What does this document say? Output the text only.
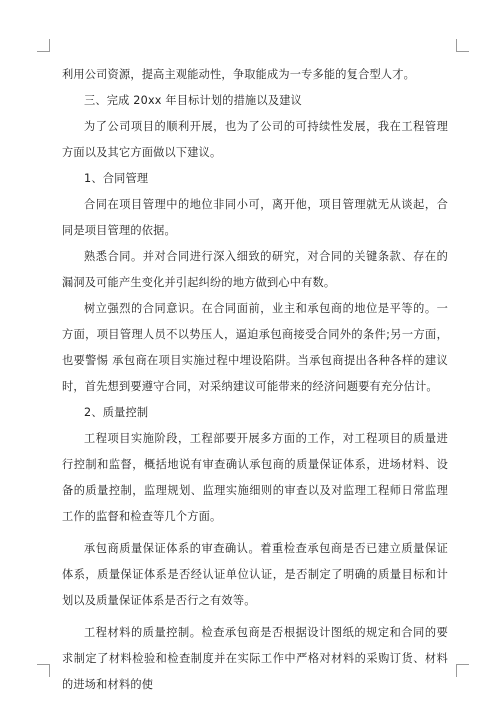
利用公司资源，提高主观能动性，争取能成为一专多能的复合型人才。

三、完成 20xx 年目标计划的措施以及建议

为了公司项目的顺利开展，也为了公司的可持续性发展，我在工程管理方面以及其它方面做以下建议。

1、合同管理

合同在项目管理中的地位非同小可，离开他，项目管理就无从谈起，合同是项目管理的依据。

熟悉合同。并对合同进行深入细致的研究，对合同的关键条款、存在的漏洞及可能产生变化并引起纠纷的地方做到心中有数。

树立强烈的合同意识。在合同面前，业主和承包商的地位是平等的。一方面，项目管理人员不以势压人，逼迫承包商接受合同外的条件;另一方面，也要警惕 承包商在项目实施过程中埋设陷阱。当承包商提出各种各样的建议时，首先想到要遵守合同，对采纳建议可能带来的经济问题要有充分估计。

2、质量控制

工程项目实施阶段，工程部要开展多方面的工作，对工程项目的质量进行控制和监督，概括地说有审查确认承包商的质量保证体系，进场材料、设备的质量控制，监理规划、监理实施细则的审查以及对监理工程师日常监理工作的监督和检查等几个方面。

承包商质量保证体系的审查确认。着重检查承包商是否已建立质量保证体系，质量保证体系是否经认证单位认证，是否制定了明确的质量目标和计划以及质量保证体系是否行之有效等。

工程材料的质量控制。检查承包商是否根据设计图纸的规定和合同的要求制定了材料检验和检查制度并在实际工作中严格对材料的采购订货、材料的进场和材料的使
